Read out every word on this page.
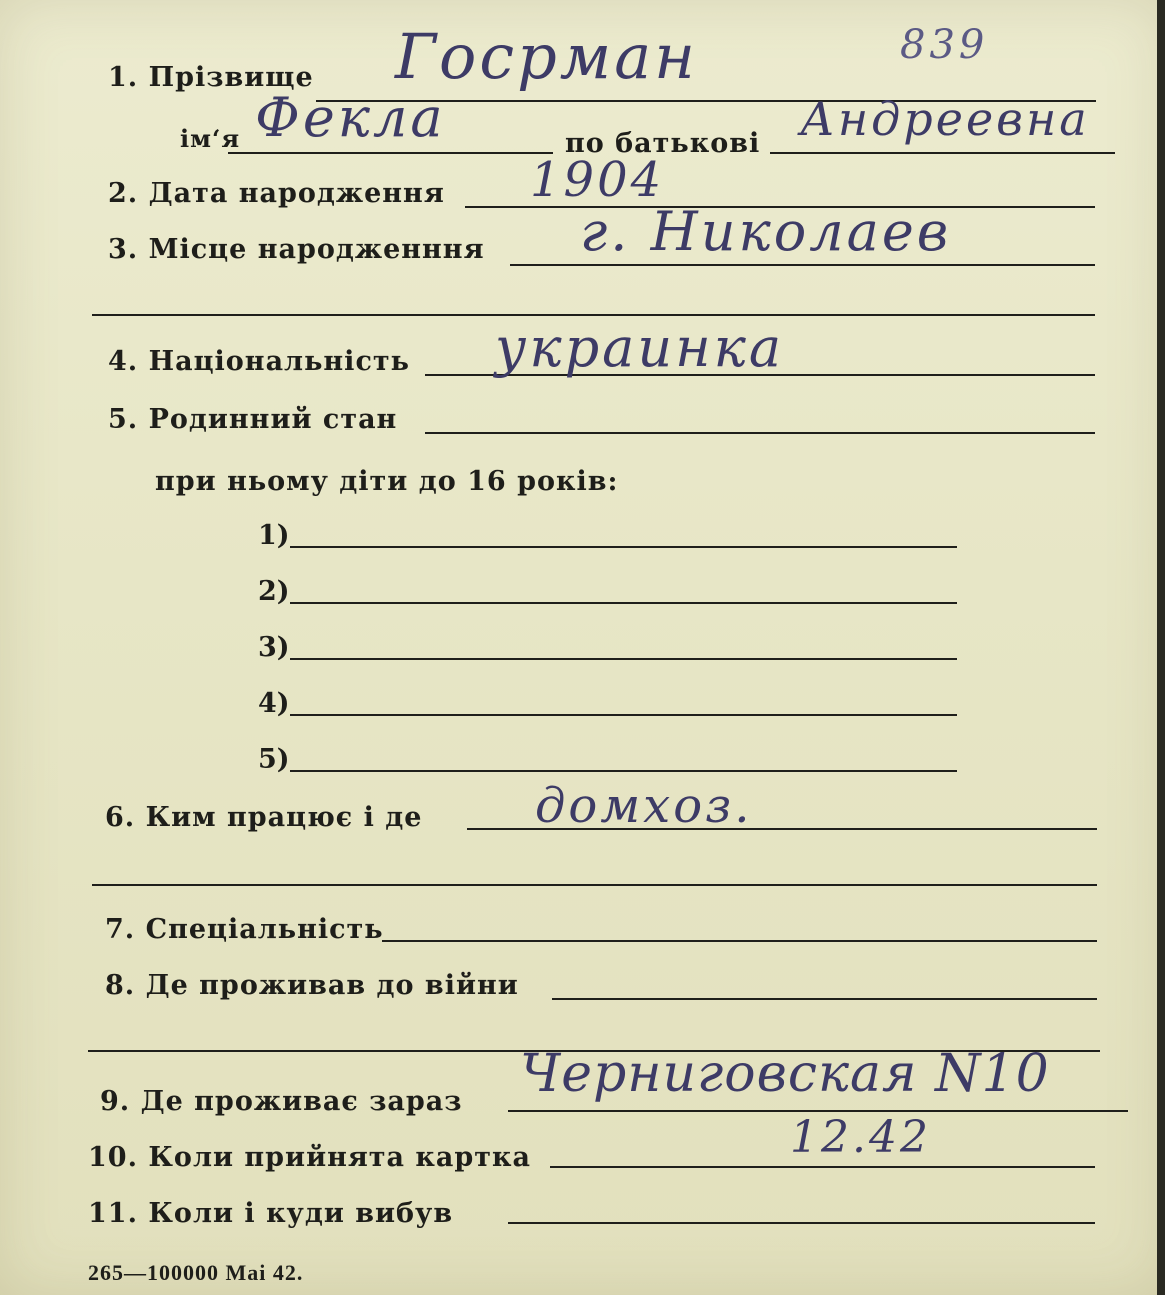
839
1. Прізвище Госрман
ім‘я Фекла	по батькові Андреевна
2. Дата народження 1904
3. Місце народженння г. Николаев
4. Національність украинка
5. Родинний стан
при ньому діти до 16 років:
1)
2)
3)
4)
5)
6. Ким працює і де домхоз.
7. Спеціальність
8. Де проживав до війни
9. Де проживає зараз Черниговская N10
10. Коли прийнята картка	12.42
11. Коли і куди вибув
265—100000 Mai 42.
